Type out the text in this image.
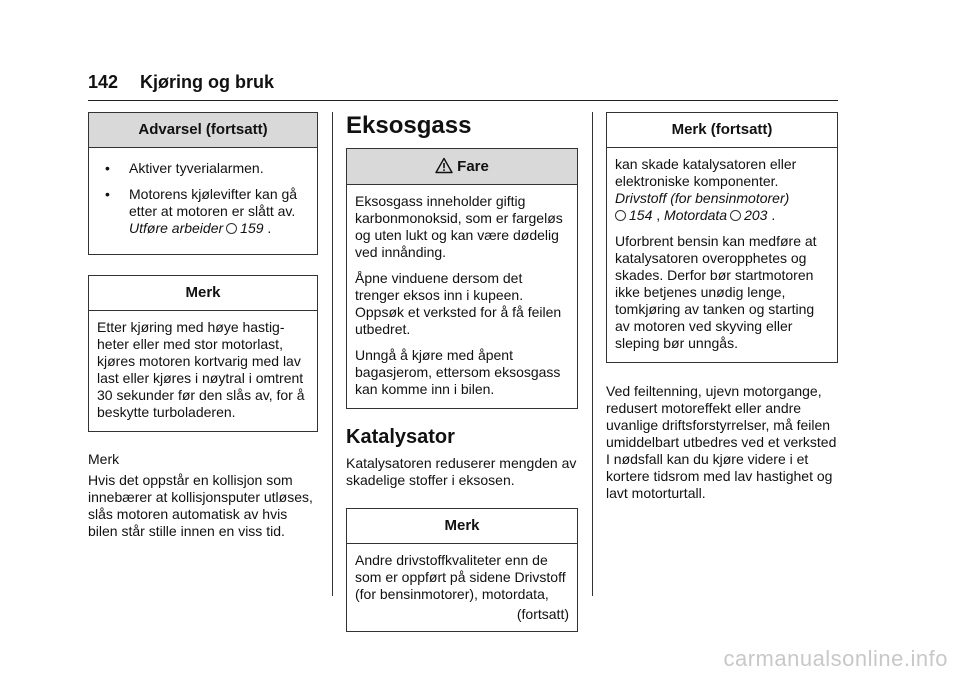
142 Kjøring og bruk
Advarsel (fortsatt)
•	Aktiver tyverialarmen.
•	Motorens kjølevifter kan gå etter at motoren er slått av.
Utføre arbeider 159 .
Merk

Etter kjøring med høye hastig-heter eller med stor motorlast, kjøres motoren kortvarig med lav last eller kjøres i nøytral i omtrent 30 sekunder før den slås av, for å beskytte turboladeren.

Merk

Hvis det oppstår en kollisjon som innebærer at kollisjonsputer utløses, slås motoren automatisk av hvis bilen står stille innen en viss tid.

Eksosgass
Fare

Eksosgass inneholder giftig karbonmonoksid, som er fargeløs og uten lukt og kan være dødelig ved innånding.

Åpne vinduene dersom det trenger eksos inn i kupeen. Oppsøk et verksted for å få feilen utbedret.

Unngå å kjøre med åpent bagasjerom, ettersom eksosgass kan komme inn i bilen.

Katalysator

Katalysatoren reduserer mengden av skadelige stoffer i eksosen.

Merk

Andre drivstoffkvaliteter enn de som er oppført på sidene Drivstoff (for bensinmotorer), motordata,

(fortsatt)
Merk (fortsatt)

kan skade katalysatoren eller elektroniske komponenter.

Drivstoff (for bensinmotorer)
154 , Motordata 203 .

Uforbrent bensin kan medføre at katalysatoren overopphetes og skades. Derfor bør startmotoren ikke betjenes unødig lenge, tomkjøring av tanken og starting av motoren ved skyving eller sleping bør unngås.

Ved feiltenning, ujevn motorgange, redusert motoreffekt eller andre uvanlige driftsforstyrrelser, må feilen umiddelbart utbedres ved et verksted I nødsfall kan du kjøre videre i et kortere tidsrom med lav hastighet og lavt motorturtall.

carmanualsonline.info
